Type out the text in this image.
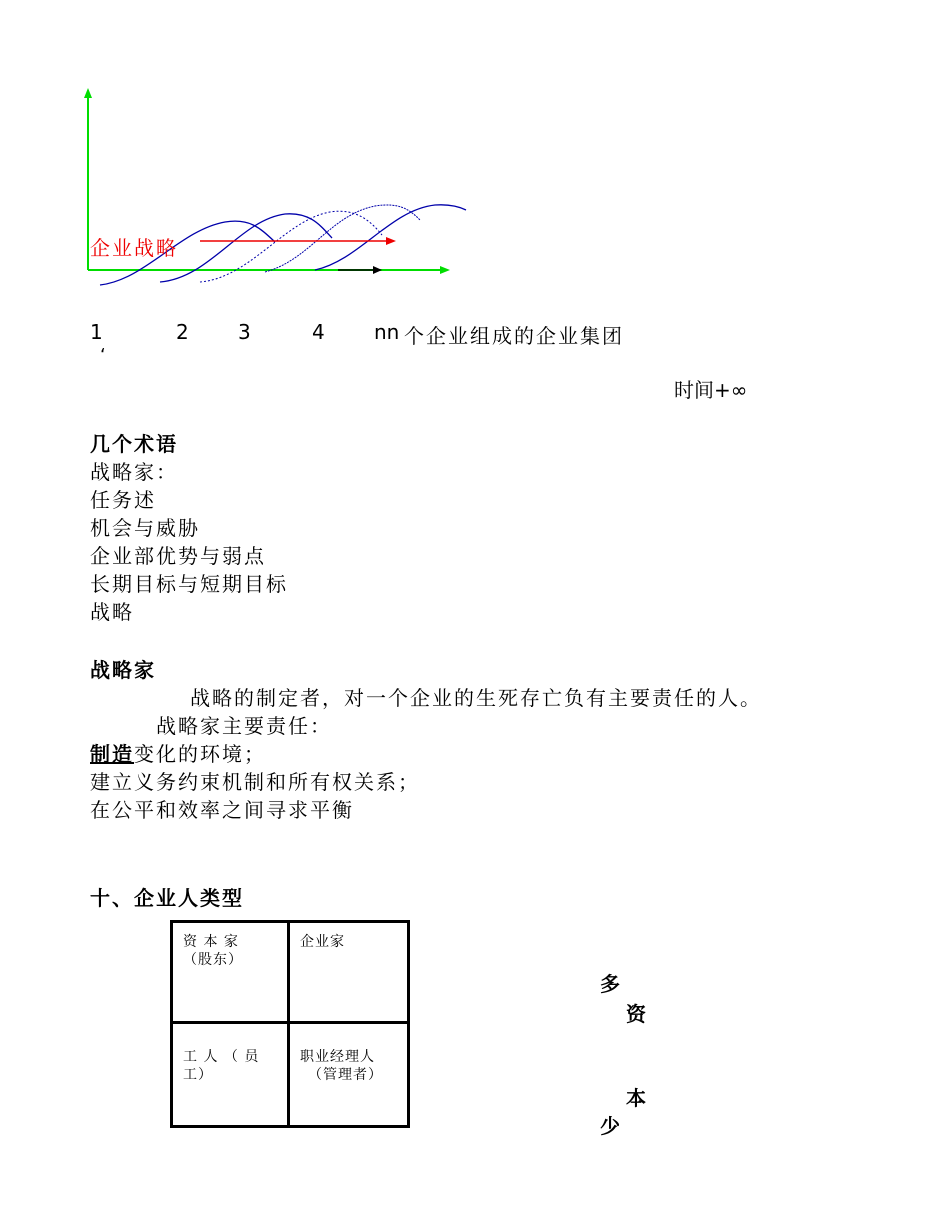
企业战略
1
‘
2 3	4 nn 个企业组成的企业集团
时间+∞
几个术语
战略家：
任务述
机会与威胁
企业部优势与弱点
长期目标与短期目标
战略
战略家
战略的制定者，对一个企业的生死存亡负有主要责任的人。
战略家主要责任：
制造变化的环境；
建立义务约束机制和所有权关系；
在公平和效率之间寻求平衡
十、企业人类型
资 本 家
（股东）
企业家
工 人 （ 员
工）
职业经理人
（管理者）
多
资
本
少
